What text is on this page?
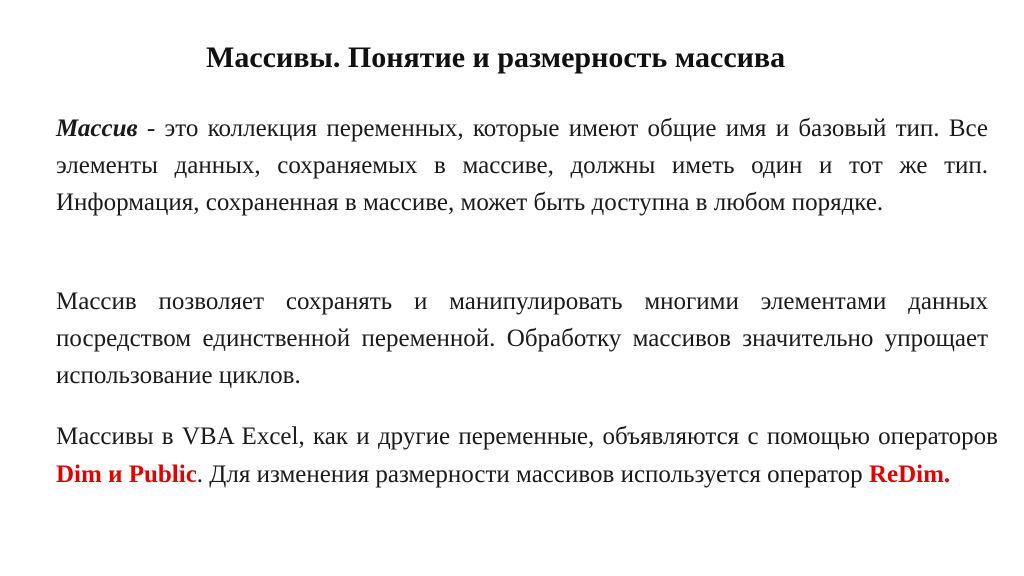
Массивы. Понятие и размерность массива
Массив - это коллекция переменных, которые имеют общие имя и базовый тип. Все элементы данных, сохраняемых в массиве, должны иметь один и тот же тип. Информация, сохраненная в массиве, может быть доступна в любом порядке.
Массив позволяет сохранять и манипулировать многими элементами данных посредством единственной переменной. Обработку массивов значительно упрощает использование циклов.
Массивы в VBA Excel, как и другие переменные, объявляются с помощью операторов Dim и Public. Для изменения размерности массивов используется оператор ReDim.
